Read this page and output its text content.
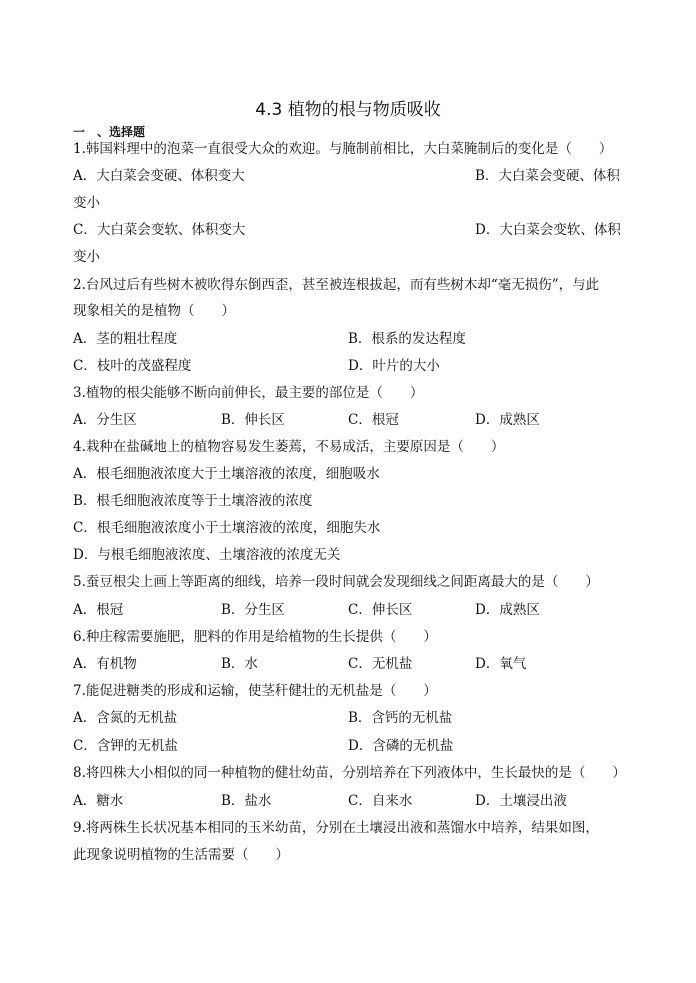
4.3 植物的根与物质吸收
一　、选择题
1.韩国料理中的泡菜一直很受大众的欢迎。与腌制前相比，大白菜腌制后的变化是（　　）
A．大白菜会变硬、体积变大	B．大白菜会变硬、体积
变小
C．大白菜会变软、体积变大	D．大白菜会变软、体积
变小
2.台风过后有些树木被吹得东倒西歪，甚至被连根拔起，而有些树木却“毫无损伤”，与此
现象相关的是植物（　　）
A．茎的粗壮程度	B．根系的发达程度
C．枝叶的茂盛程度	D．叶片的大小
3.植物的根尖能够不断向前伸长，最主要的部位是（　　）
A．分生区	B．伸长区	C．根冠	D．成熟区
4.栽种在盐碱地上的植物容易发生萎蔫，不易成活，主要原因是（　　）
A．根毛细胞液浓度大于土壤溶液的浓度，细胞吸水
B．根毛细胞液浓度等于土壤溶液的浓度
C．根毛细胞液浓度小于土壤溶液的浓度，细胞失水
D．与根毛细胞液浓度、土壤溶液的浓度无关
5.蚕豆根尖上画上等距离的细线，培养一段时间就会发现细线之间距离最大的是（　　）
A．根冠	B．分生区	C．伸长区	D．成熟区
6.种庄稼需要施肥，肥料的作用是给植物的生长提供（　　）
A．有机物	B．水	C．无机盐	D．氧气
7.能促进糖类的形成和运输，使茎秆健壮的无机盐是（　　）
A．含氮的无机盐	B．含钙的无机盐
C．含钾的无机盐	D．含磷的无机盐
8.将四株大小相似的同一种植物的健壮幼苗，分别培养在下列液体中，生长最快的是（　　）
A．糖水	B．盐水	C．自来水	D．土壤浸出液
9.将两株生长状况基本相同的玉米幼苗，分别在土壤浸出液和蒸馏水中培养，结果如图，
此现象说明植物的生活需要（　　）
